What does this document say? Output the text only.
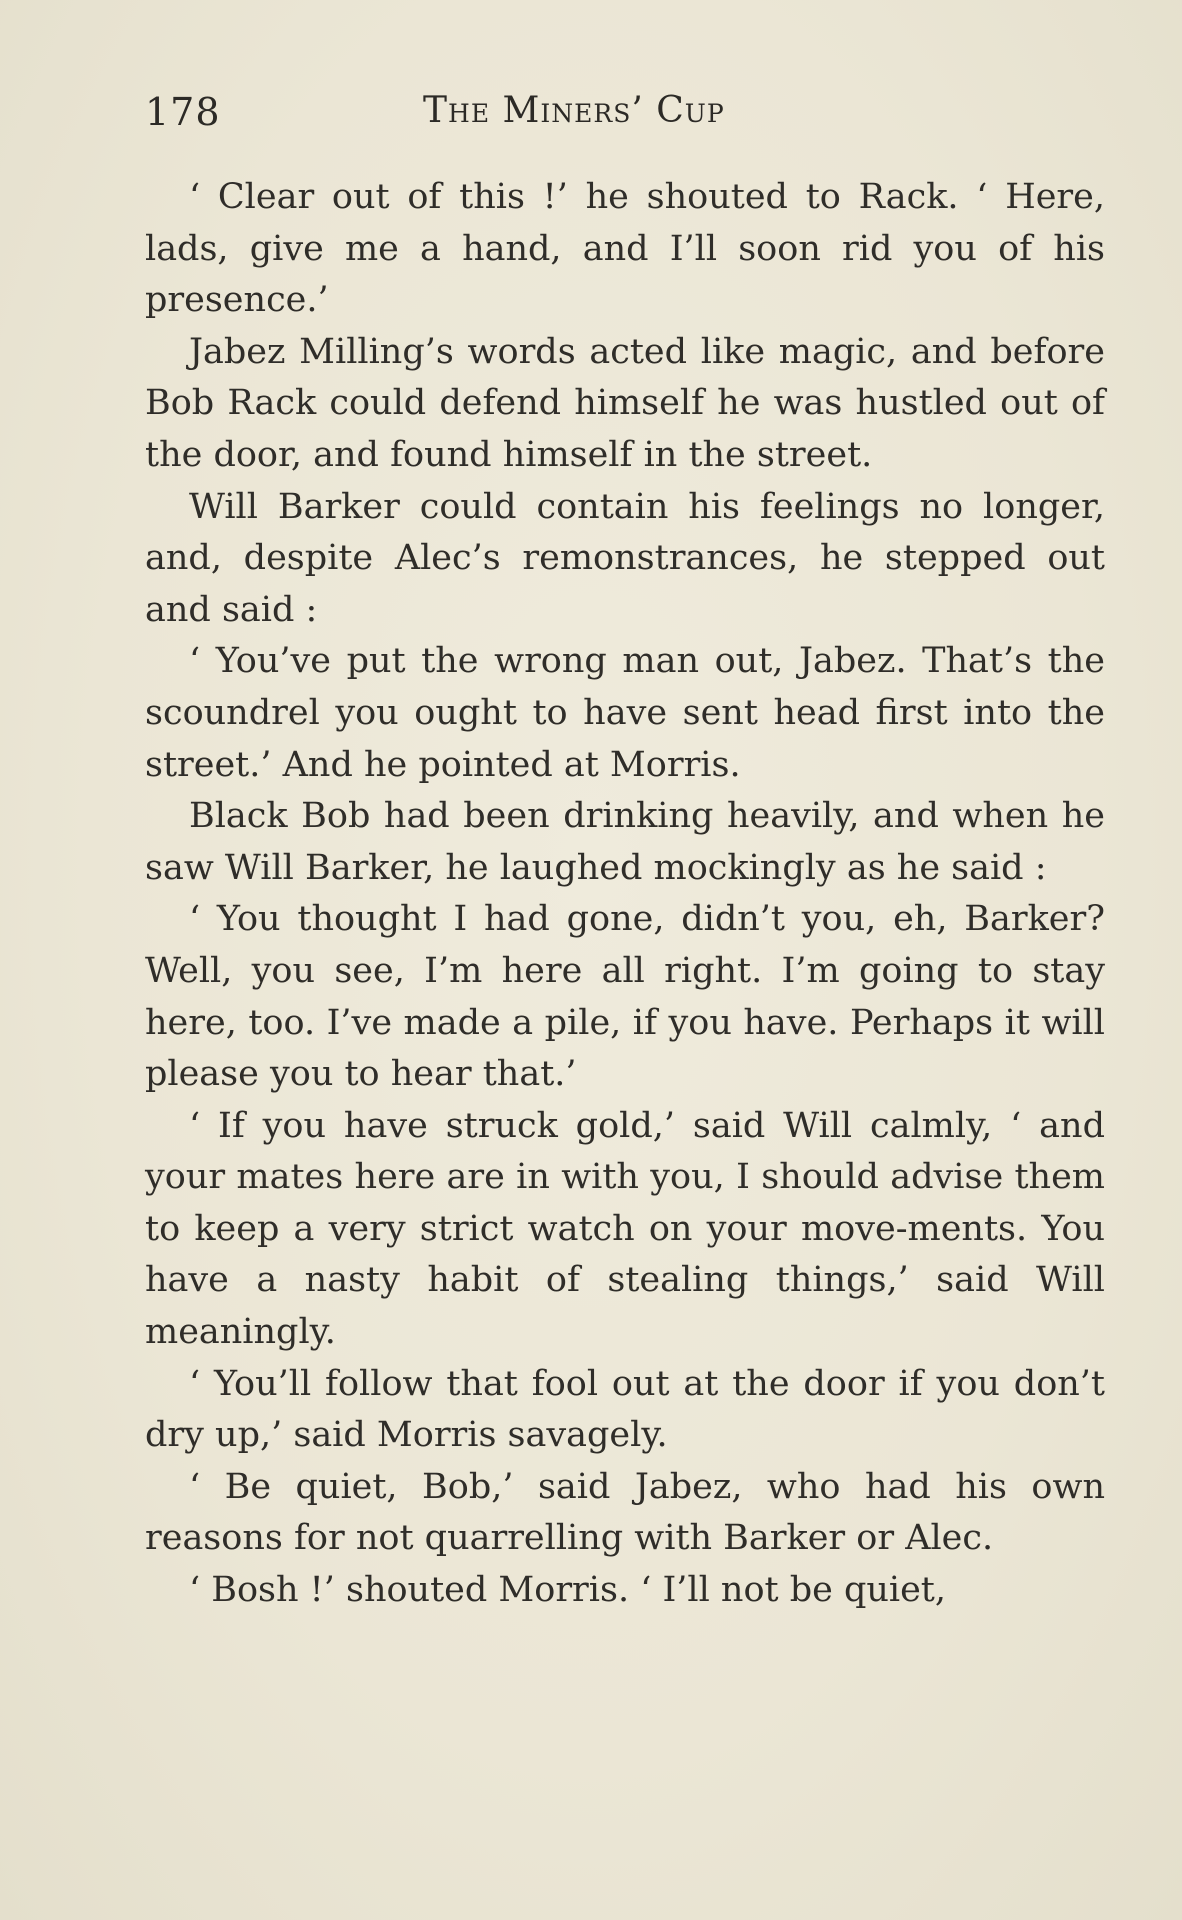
178	The Miners’ Cup

‘ Clear out of this !’ he shouted to Rack. ‘ Here, lads, give me a hand, and I’ll soon rid you of his presence.’

Jabez Milling’s words acted like magic, and before Bob Rack could defend himself he was hustled out of the door, and found himself in the street.

Will Barker could contain his feelings no longer, and, despite Alec’s remonstrances, he stepped out and said :

‘ You’ve put the wrong man out, Jabez. That’s the scoundrel you ought to have sent head first into the street.’ And he pointed at Morris.

Black Bob had been drinking heavily, and when he saw Will Barker, he laughed mockingly as he said :

‘ You thought I had gone, didn’t you, eh, Barker? Well, you see, I’m here all right. I’m going to stay here, too. I’ve made a pile, if you have. Perhaps it will please you to hear that.’

‘ If you have struck gold,’ said Will calmly, ‘ and your mates here are in with you, I should advise them to keep a very strict watch on your move-ments. You have a nasty habit of stealing things,’ said Will meaningly.

‘ You’ll follow that fool out at the door if you don’t dry up,’ said Morris savagely.

‘ Be quiet, Bob,’ said Jabez, who had his own reasons for not quarrelling with Barker or Alec.

‘ Bosh !’ shouted Morris. ‘ I’ll not be quiet,
